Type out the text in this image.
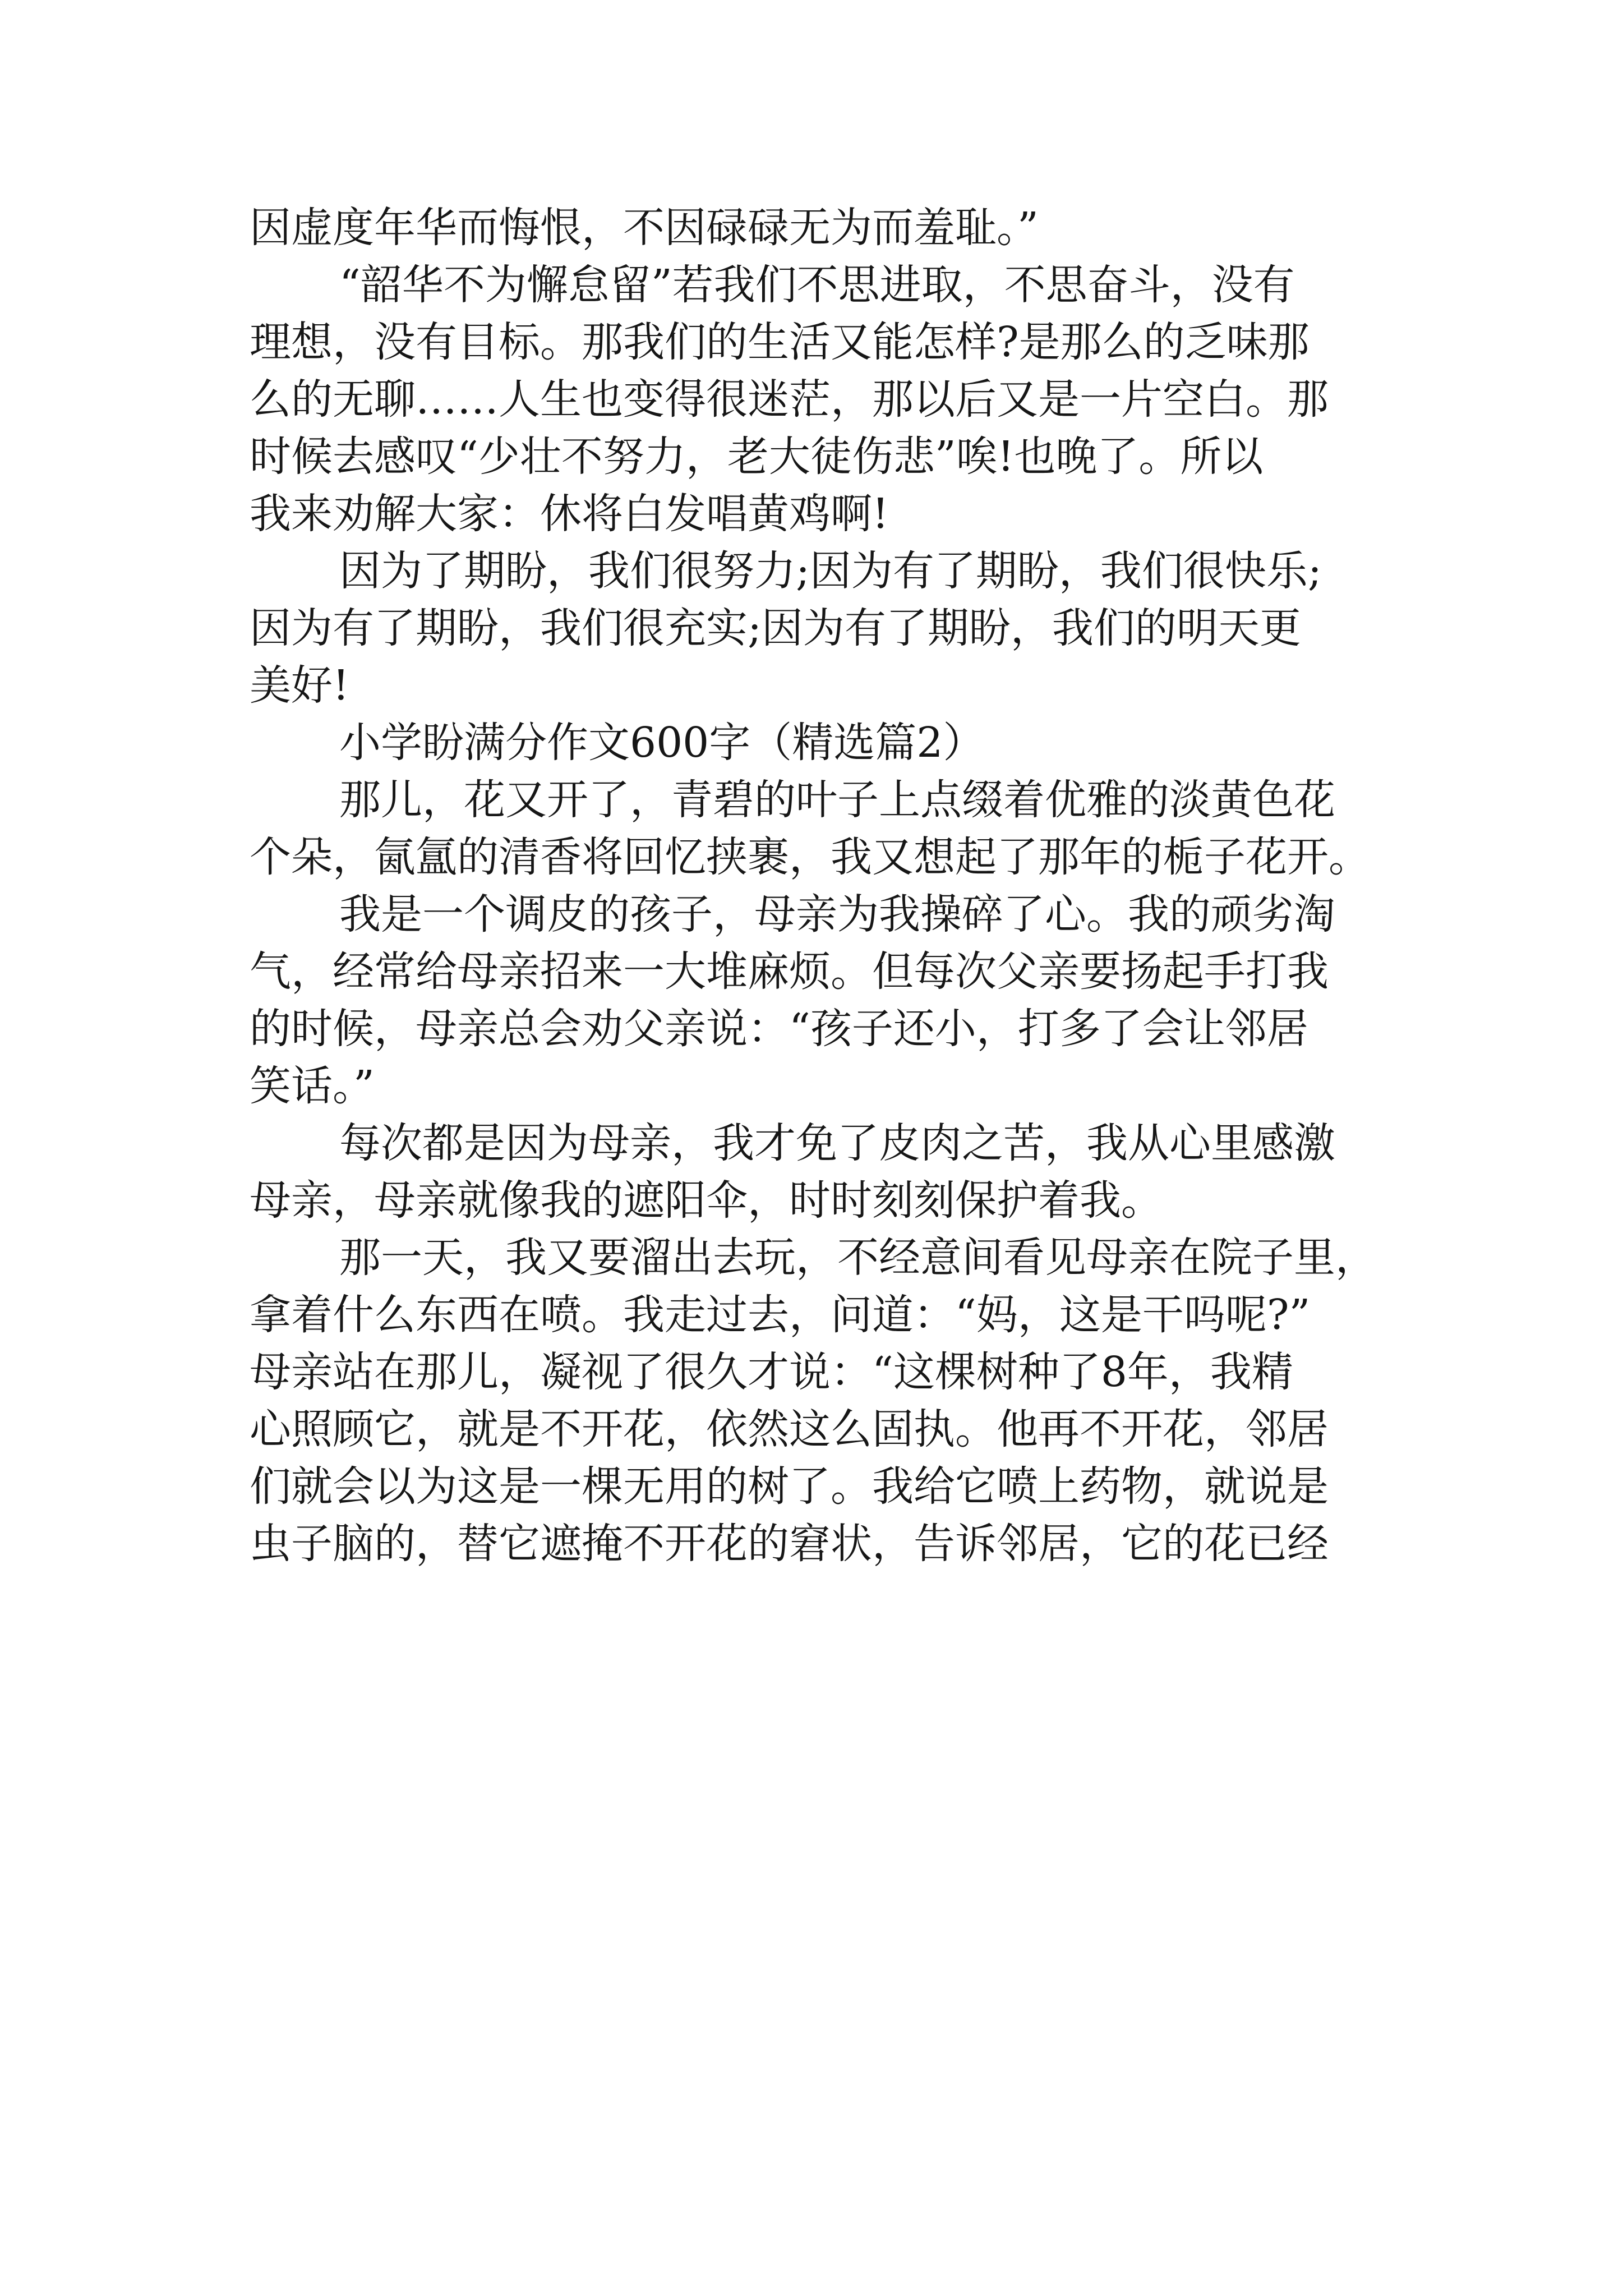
因虚度年华而悔恨，不因碌碌无为而羞耻。”
“韶华不为懈怠留”若我们不思进取，不思奋斗，没有
理想，没有目标。那我们的生活又能怎样?是那么的乏味那
么的无聊……人生也变得很迷茫，那以后又是一片空白。那
时候去感叹“少壮不努力，老大徒伤悲”唉!也晚了。所以
我来劝解大家：休将白发唱黄鸡啊!
因为了期盼，我们很努力;因为有了期盼，我们很快乐;
因为有了期盼，我们很充实;因为有了期盼，我们的明天更
美好!
小学盼满分作文600字（精选篇2）
那儿，花又开了，青碧的叶子上点缀着优雅的淡黄色花
个朵，氤氲的清香将回忆挟裹，我又想起了那年的栀子花开。
我是一个调皮的孩子，母亲为我操碎了心。我的顽劣淘
气，经常给母亲招来一大堆麻烦。但每次父亲要扬起手打我
的时候，母亲总会劝父亲说：“孩子还小，打多了会让邻居
笑话。”
每次都是因为母亲，我才免了皮肉之苦，我从心里感激
母亲，母亲就像我的遮阳伞，时时刻刻保护着我。
那一天，我又要溜出去玩，不经意间看见母亲在院子里，
拿着什么东西在喷。我走过去，问道：“妈，这是干吗呢?”
母亲站在那儿，凝视了很久才说：“这棵树种了8年，我精
心照顾它，就是不开花，依然这么固执。他再不开花，邻居
们就会以为这是一棵无用的树了。我给它喷上药物，就说是
虫子脑的，替它遮掩不开花的窘状，告诉邻居，它的花已经
